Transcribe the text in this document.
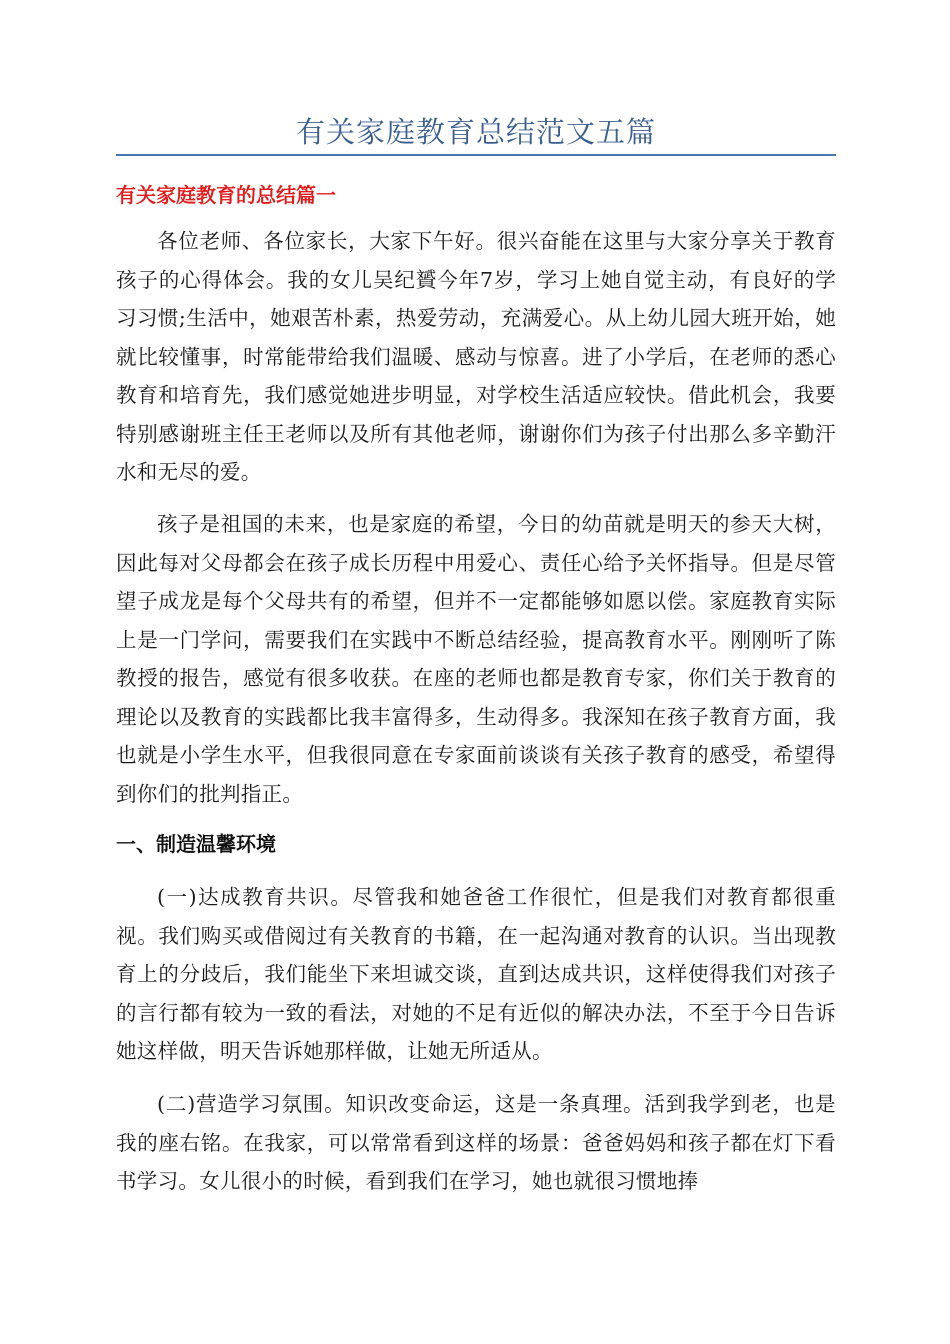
有关家庭教育总结范文五篇
有关家庭教育的总结篇一

各位老师、各位家长，大家下午好。很兴奋能在这里与大家分享关于教育孩子的心得体会。我的女儿吴纪贇今年7岁，学习上她自觉主动，有良好的学习习惯;生活中，她艰苦朴素，热爱劳动，充满爱心。从上幼儿园大班开始，她就比较懂事，时常能带给我们温暖、感动与惊喜。进了小学后，在老师的悉心教育和培育先，我们感觉她进步明显，对学校生活适应较快。借此机会，我要特别感谢班主任王老师以及所有其他老师，谢谢你们为孩子付出那么多辛勤汗水和无尽的爱。

孩子是祖国的未来，也是家庭的希望，今日的幼苗就是明天的参天大树，因此每对父母都会在孩子成长历程中用爱心、责任心给予关怀指导。但是尽管望子成龙是每个父母共有的希望，但并不一定都能够如愿以偿。家庭教育实际上是一门学问，需要我们在实践中不断总结经验，提高教育水平。刚刚听了陈教授的报告，感觉有很多收获。在座的老师也都是教育专家，你们关于教育的理论以及教育的实践都比我丰富得多，生动得多。我深知在孩子教育方面，我也就是小学生水平，但我很同意在专家面前谈谈有关孩子教育的感受，希望得到你们的批判指正。

一、制造温馨环境

(一)达成教育共识。尽管我和她爸爸工作很忙，但是我们对教育都很重视。我们购买或借阅过有关教育的书籍，在一起沟通对教育的认识。当出现教育上的分歧后，我们能坐下来坦诚交谈，直到达成共识，这样使得我们对孩子的言行都有较为一致的看法，对她的不足有近似的解决办法，不至于今日告诉她这样做，明天告诉她那样做，让她无所适从。

(二)营造学习氛围。知识改变命运，这是一条真理。活到我学到老，也是我的座右铭。在我家，可以常常看到这样的场景：爸爸妈妈和孩子都在灯下看书学习。女儿很小的时候，看到我们在学习，她也就很习惯地捧
